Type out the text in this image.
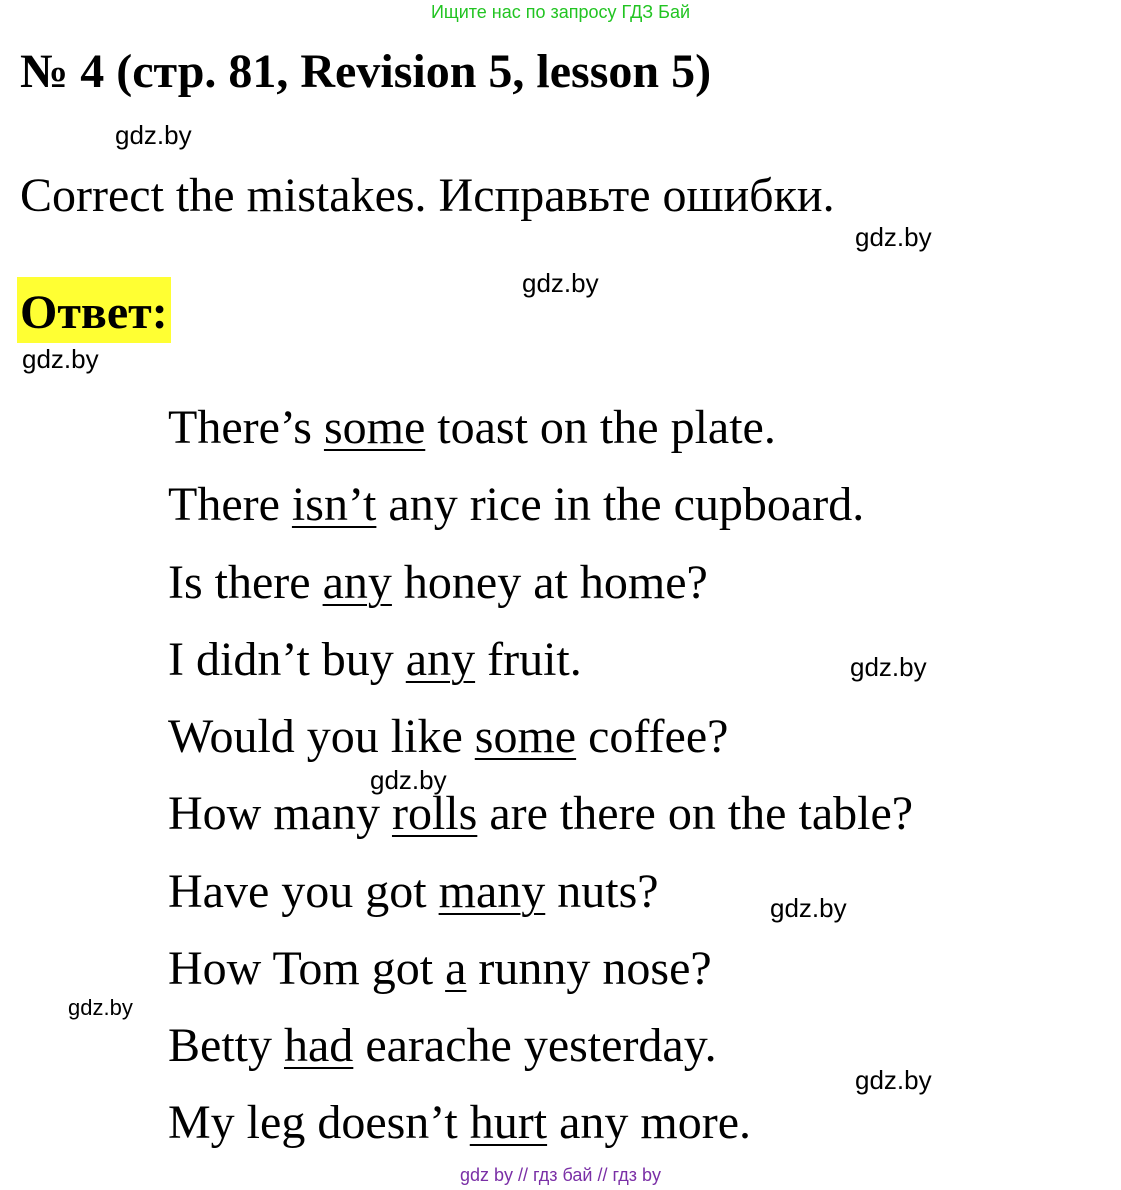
Ищите нас по запросу ГДЗ Бай
№ 4 (стр. 81, Revision 5, lesson 5)
gdz.by
Correct the mistakes. Исправьте ошибки.
gdz.by
gdz.by
Ответ:
gdz.by
There’s some toast on the plate.
There isn’t any rice in the cupboard.
Is there any honey at home?
I didn’t buy any fruit.	gdz.by
Would you like some coffee?
gdz.by
How many rolls are there on the table?
Have you got many nuts?	gdz.by
How Tom got a runny nose?
gdz.by
Betty had earache yesterday.
gdz.by
My leg doesn’t hurt any more.
gdz by // гдз бай // гдз by
